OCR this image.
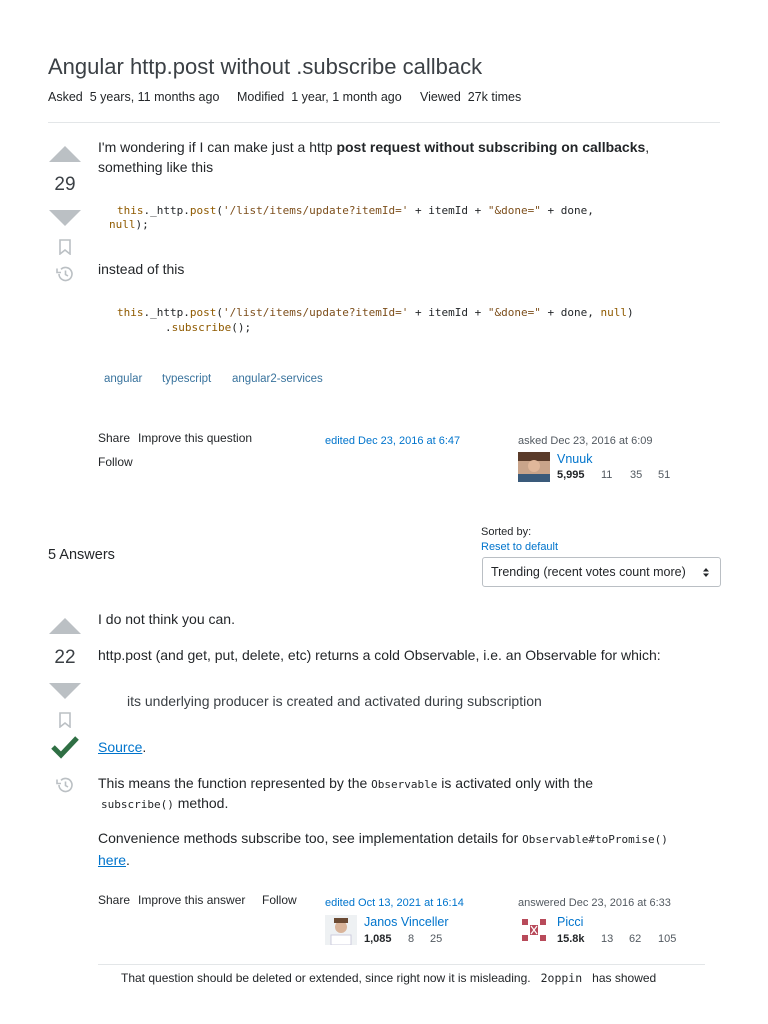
Angular http.post without .subscribe callback
Asked 5 years, 11 months ago Modified 1 year, 1 month ago Viewed 27k times
29
I'm wondering if I can make just a http post request without subscribing on callbacks,
something like this
this._http.post('/list/items/update?itemId=' + itemId + "&done=" + done,
null);
instead of this
this._http.post('/list/items/update?itemId=' + itemId + "&done=" + done, null)
.subscribe();
angular	typescript	angular2-services
Share Improve this question
Follow
edited Dec 23, 2016 at 6:47	asked Dec 23, 2016 at 6:09
Vnuuk
5,995 11 35 51
5 Answers
Sorted by:
Reset to default
Trending (recent votes count more)
22
I do not think you can.
http.post (and get, put, delete, etc) returns a cold Observable, i.e. an Observable for which:
its underlying producer is created and activated during subscription
Source.
This means the function represented by the Observable is activated only with the
subscribe() method.
Convenience methods subscribe too, see implementation details for Observable#toPromise()
here.
Share Improve this answer Follow	edited Oct 13, 2021 at 16:14
Janos Vinceller
1,085 8 25
answered Dec 23, 2016 at 6:33
Picci
15.8k 13 62 105
That question should be deleted or extended, since right now it is misleading. 2oppin has showed
